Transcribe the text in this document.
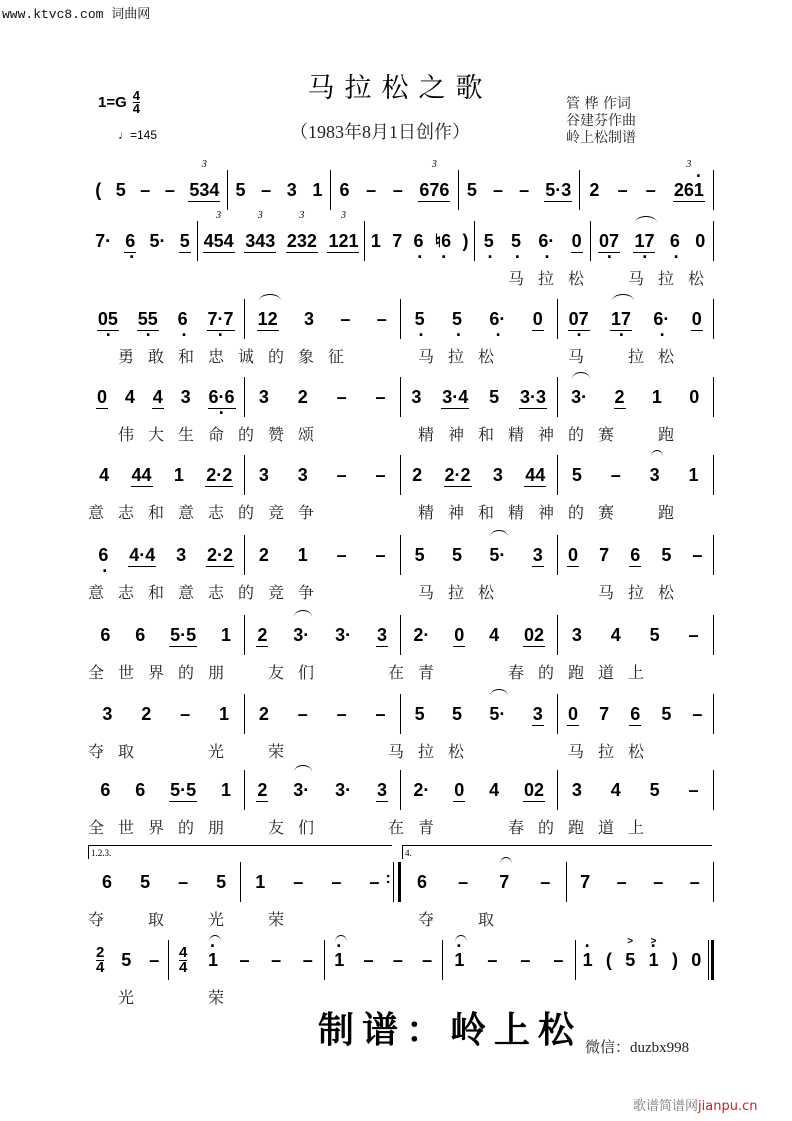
www.ktvc8.com 词曲网
$1=G \frac{4}{4}$
♩=145
马拉松之歌
（1983年8月1日创作）
管 桦 作词
谷建芬作曲
岭上松制谱
( 5 – – 534
3
5 – 3 1 6 – – 676
3
5 – – 5·3 2 – – · 261
3
7· 6 · 5· 5 454
3
343
3
232
3
121
3
1 7 6 · ♮6 · ) 5 · 5 · 6· · 0 07 · 17
· 6 · 0
　　　　　　　　　　　　　　马拉松　马拉松
05 · 55 · 6 · 7·7 · 12 3 – – 5 · 5 · 6· · 0 07 · 17
· 6· · 0
　勇敢和忠诚的象征　　马拉松　　马　拉松
0 4 4 3 6·6 · 3 2 – – 3 3·4 5 3·3 3· 2 1 0
　伟大生命的赞颂　　　精神和精神的赛　跑
4 44 1 2·2 3 3 – – 2 2·2 3 44 5 – 3 1
意志和意志的竞争　　　精神和精神的赛　跑
6 · 4·4 3 2·2 2 1 – – 5 5 5· 3 0 7 6 5 –
意志和意志的竞争　　　马拉松　　　马拉松
6 6 5·5 1 2 3· 3· 3 2· 0 4 02 3 4 5 –
全世界的朋　友们　　在青　　春的跑道上
3 2 – 1 2 – – – 5 5 5· 3 0 7 6 5 –
夺取　　光　荣　　　马拉松　　　马拉松
6 6 5·5 1 2 3· 3· 3 2· 0 4 02 3 4 5 –
全世界的朋　友们　　在青　　春的跑道上
6 5 – 5 1 – – – : 6 – 7 – 7 – – –
夺　取　光　荣　　　　夺　取
2
4 5 – 4
4 · 1 – – – · 1 – – – · 1 – – – · 1 ( 5
>
· 1
>
) 0
　光　　荣
1.2.3.	4.
制谱：岭上松 微信：duzbx998
歌谱简谱网jianpu.cn
